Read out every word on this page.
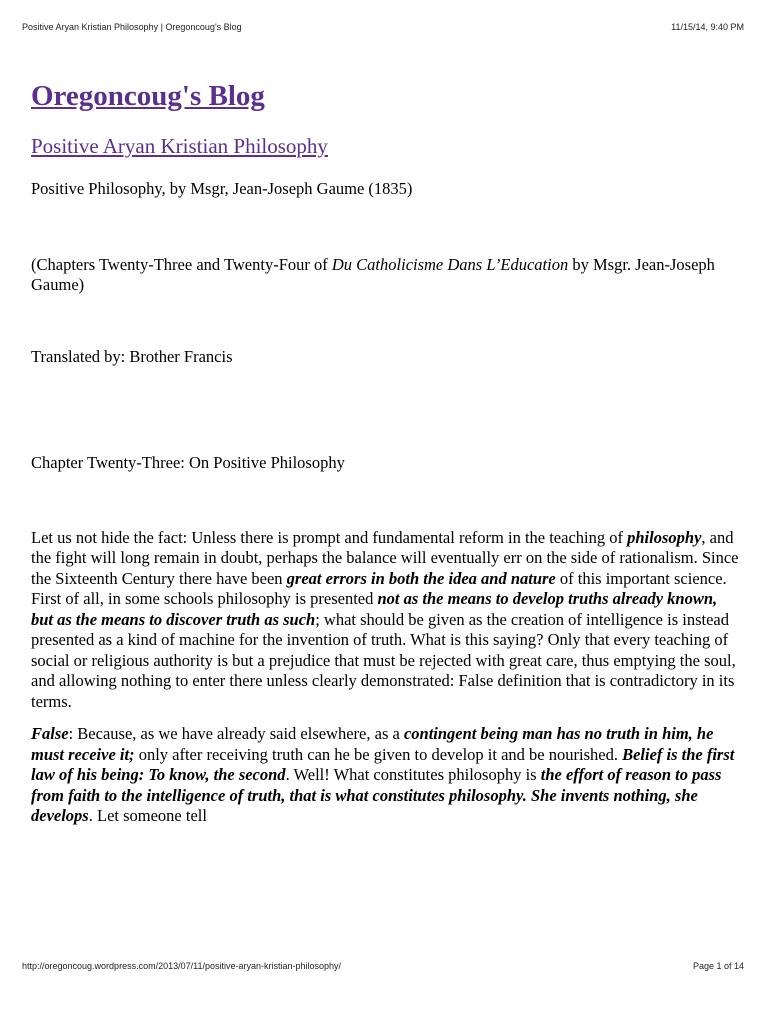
Positive Aryan Kristian Philosophy | Oregoncoug's Blog	11/15/14, 9:40 PM
Oregoncoug's Blog
Positive Aryan Kristian Philosophy

Positive Philosophy, by Msgr, Jean-Joseph Gaume (1835)

(Chapters Twenty-Three and Twenty-Four of Du Catholicisme Dans L’Education by Msgr. Jean-Joseph Gaume)

Translated by: Brother Francis

Chapter Twenty-Three: On Positive Philosophy

Let us not hide the fact: Unless there is prompt and fundamental reform in the teaching of philosophy, and the fight will long remain in doubt, perhaps the balance will eventually err on the side of rationalism. Since the Sixteenth Century there have been great errors in both the idea and nature of this important science. First of all, in some schools philosophy is presented not as the means to develop truths already known, but as the means to discover truth as such; what should be given as the creation of intelligence is instead presented as a kind of machine for the invention of truth. What is this saying? Only that every teaching of social or religious authority is but a prejudice that must be rejected with great care, thus emptying the soul, and allowing nothing to enter there unless clearly demonstrated: False definition that is contradictory in its terms.

False: Because, as we have already said elsewhere, as a contingent being man has no truth in him, he must receive it; only after receiving truth can he be given to develop it and be nourished. Belief is the first law of his being: To know, the second. Well! What constitutes philosophy is the effort of reason to pass from faith to the intelligence of truth, that is what constitutes philosophy. She invents nothing, she develops. Let someone tell

http://oregoncoug.wordpress.com/2013/07/11/positive-aryan-kristian-philosophy/	Page 1 of 14
